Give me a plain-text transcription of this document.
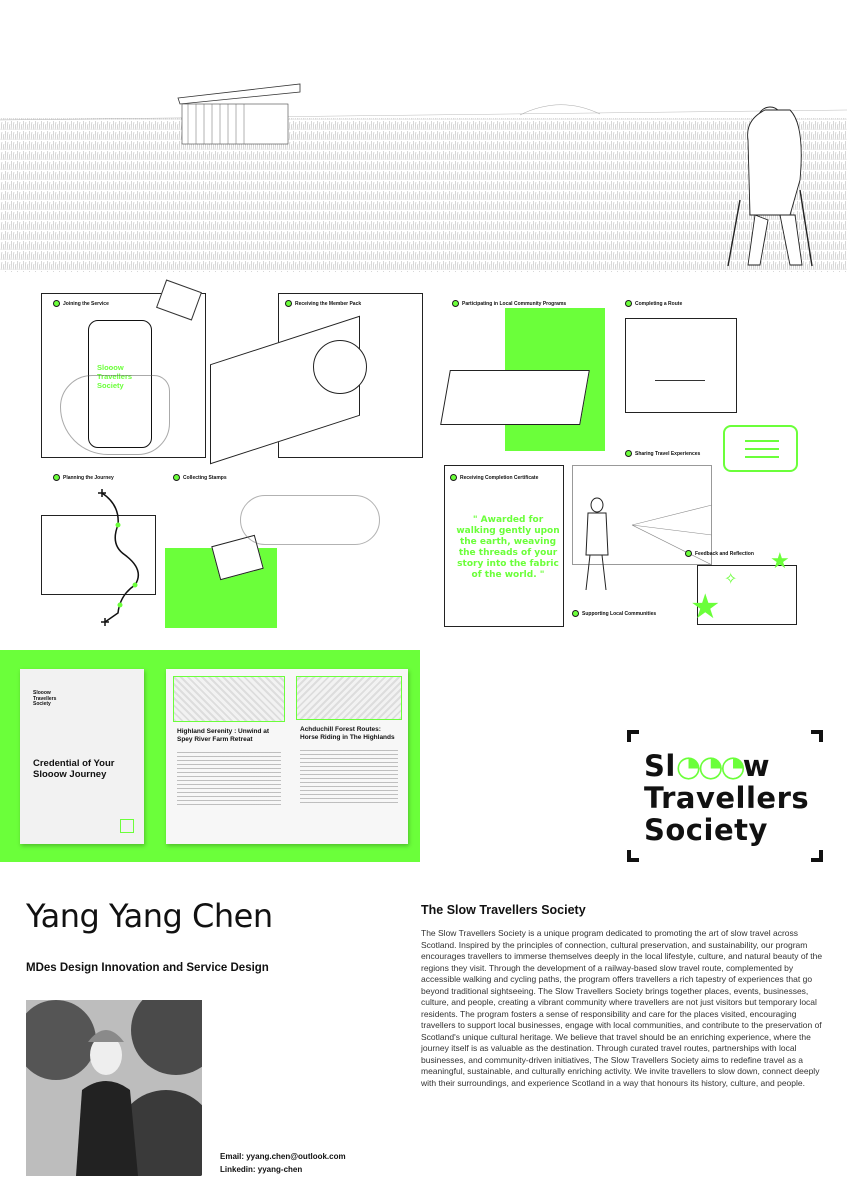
Joining the Service
Slooow Travellers Society
Receiving the Member Pack
Planning the Journey	Collecting Stamps
Participating in Local Community Programs	Completing a Route
Sharing Travel Experiences
Receiving Completion Certificate
" Awarded for walking gently upon the earth, weaving the threads of your story into the fabric of the world. "
Feedback and Reflection
★
★
✧
Supporting Local Communities
Slooow Travellers Society
Credential of Your Slooow Journey
Highland Serenity : Unwind at Spey River Farm Retreat
Achduchill Forest Routes: Horse Riding in The Highlands
Sl◔◔◔w
Travellers
Society
Yang Yang Chen
MDes Design Innovation and Service Design
Email: yyang.chen@outlook.com
Linkedin: yyang-chen
The Slow Travellers Society
The Slow Travellers Society is a unique program dedicated to promoting the art of slow travel across Scotland. Inspired by the principles of connection, cultural preservation, and sustainability, our program encourages travellers to immerse themselves deeply in the local lifestyle, culture, and natural beauty of the regions they visit. Through the development of a railway-based slow travel route, complemented by accessible walking and cycling paths, the program offers travellers a rich tapestry of experiences that go beyond traditional sightseeing. The Slow Travellers Society brings together places, events, businesses, culture, and people, creating a vibrant community where travellers are not just visitors but temporary local residents. The program fosters a sense of responsibility and care for the places visited, encouraging travellers to support local businesses, engage with local communities, and contribute to the preservation of Scotland's unique cultural heritage. We believe that travel should be an enriching experience, where the journey itself is as valuable as the destination. Through curated travel routes, partnerships with local businesses, and community-driven initiatives, The Slow Travellers Society aims to redefine travel as a meaningful, sustainable, and culturally enriching activity. We invite travellers to slow down, connect deeply with their surroundings, and experience Scotland in a way that honours its history, culture, and people.
